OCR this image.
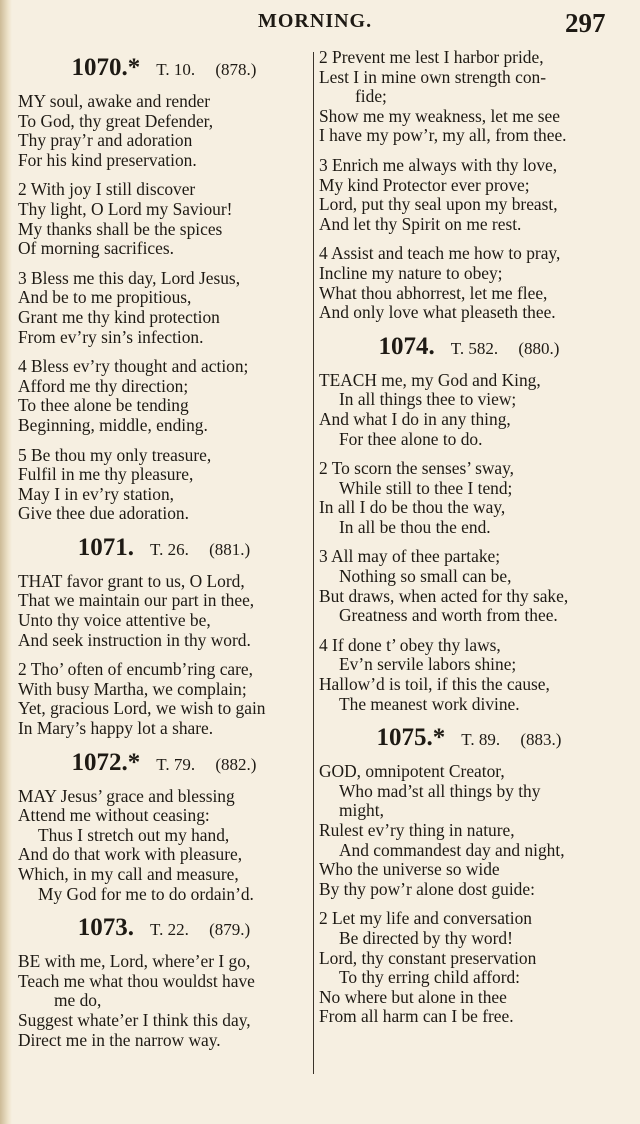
MORNING.	297
1070.* T. 10. (878.)
MY soul, awake and render
To God, thy great Defender,
Thy pray’r and adoration
For his kind preservation.
2 With joy I still discover
Thy light, O Lord my Saviour!
My thanks shall be the spices
Of morning sacrifices.
3 Bless me this day, Lord Jesus,
And be to me propitious,
Grant me thy kind protection
From ev’ry sin’s infection.
4 Bless ev’ry thought and action;
Afford me thy direction;
To thee alone be tending
Beginning, middle, ending.
5 Be thou my only treasure,
Fulfil in me thy pleasure,
May I in ev’ry station,
Give thee due adoration.
1071. T. 26. (881.)
THAT favor grant to us, O Lord,
That we maintain our part in thee,
Unto thy voice attentive be,
And seek instruction in thy word.
2 Tho’ often of encumb’ring care,
With busy Martha, we complain;
Yet, gracious Lord, we wish to gain
In Mary’s happy lot a share.
1072.* T. 79. (882.)
MAY Jesus’ grace and blessing
Attend me without ceasing:
Thus I stretch out my hand,
And do that work with pleasure,
Which, in my call and measure,
My God for me to do ordain’d.
1073. T. 22. (879.)
BE with me, Lord, where’er I go,
Teach me what thou wouldst have
me do,
Suggest whate’er I think this day,
Direct me in the narrow way.
2 Prevent me lest I harbor pride,
Lest I in mine own strength con-
fide;
Show me my weakness, let me see
I have my pow’r, my all, from thee.
3 Enrich me always with thy love,
My kind Protector ever prove;
Lord, put thy seal upon my breast,
And let thy Spirit on me rest.
4 Assist and teach me how to pray,
Incline my nature to obey;
What thou abhorrest, let me flee,
And only love what pleaseth thee.
1074. T. 582. (880.)
TEACH me, my God and King,
In all things thee to view;
And what I do in any thing,
For thee alone to do.
2 To scorn the senses’ sway,
While still to thee I tend;
In all I do be thou the way,
In all be thou the end.
3 All may of thee partake;
Nothing so small can be,
But draws, when acted for thy sake,
Greatness and worth from thee.
4 If done t’ obey thy laws,
Ev’n servile labors shine;
Hallow’d is toil, if this the cause,
The meanest work divine.
1075.* T. 89. (883.)
GOD, omnipotent Creator,
Who mad’st all things by thy
might,
Rulest ev’ry thing in nature,
And commandest day and night,
Who the universe so wide
By thy pow’r alone dost guide:
2 Let my life and conversation
Be directed by thy word!
Lord, thy constant preservation
To thy erring child afford:
No where but alone in thee
From all harm can I be free.
